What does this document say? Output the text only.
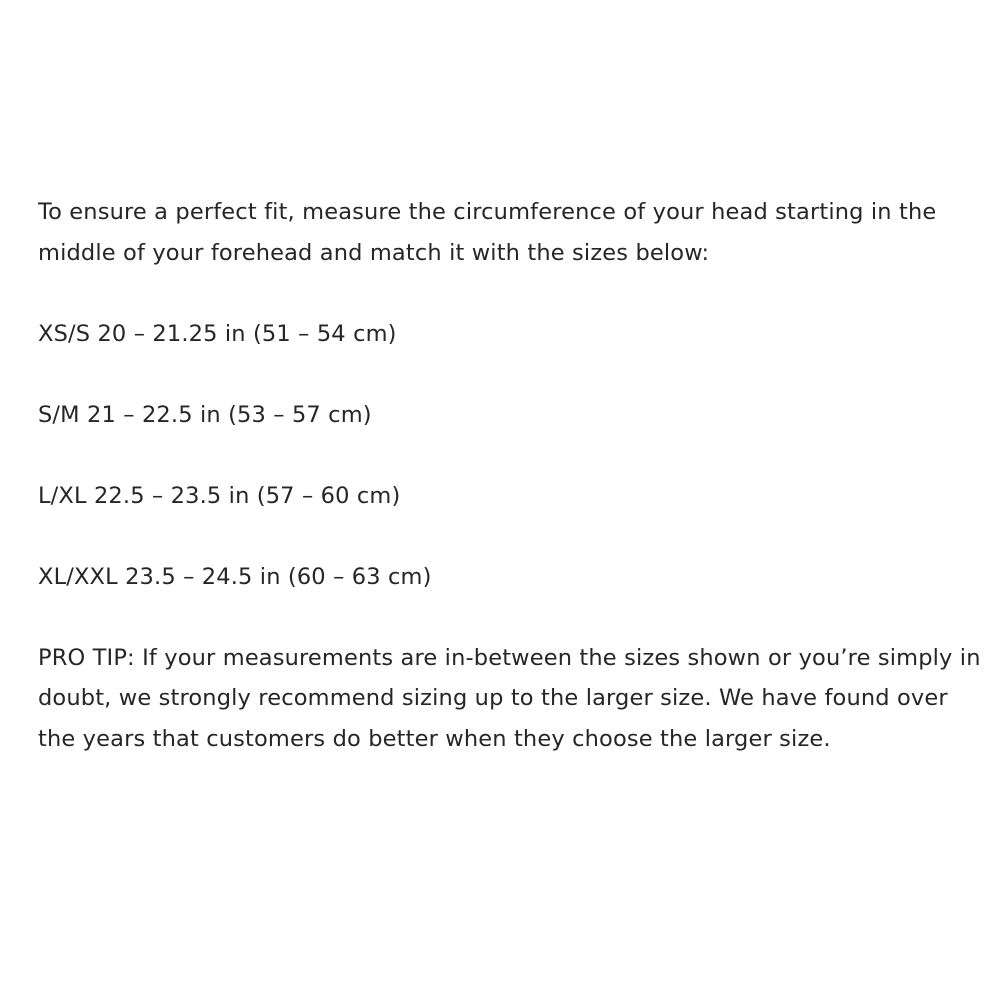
To ensure a perfect fit, measure the circumference of your head starting in the
middle of your forehead and match it with the sizes below:

XS/S 20 – 21.25 in (51 – 54 cm)

S/M 21 – 22.5 in (53 – 57 cm)

L/XL 22.5 – 23.5 in (57 – 60 cm)

XL/XXL 23.5 – 24.5 in (60 – 63 cm)

PRO TIP: If your measurements are in-between the sizes shown or you’re simply in doubt, we strongly recommend sizing up to the larger size. We have found over the years that customers do better when they choose the larger size.
